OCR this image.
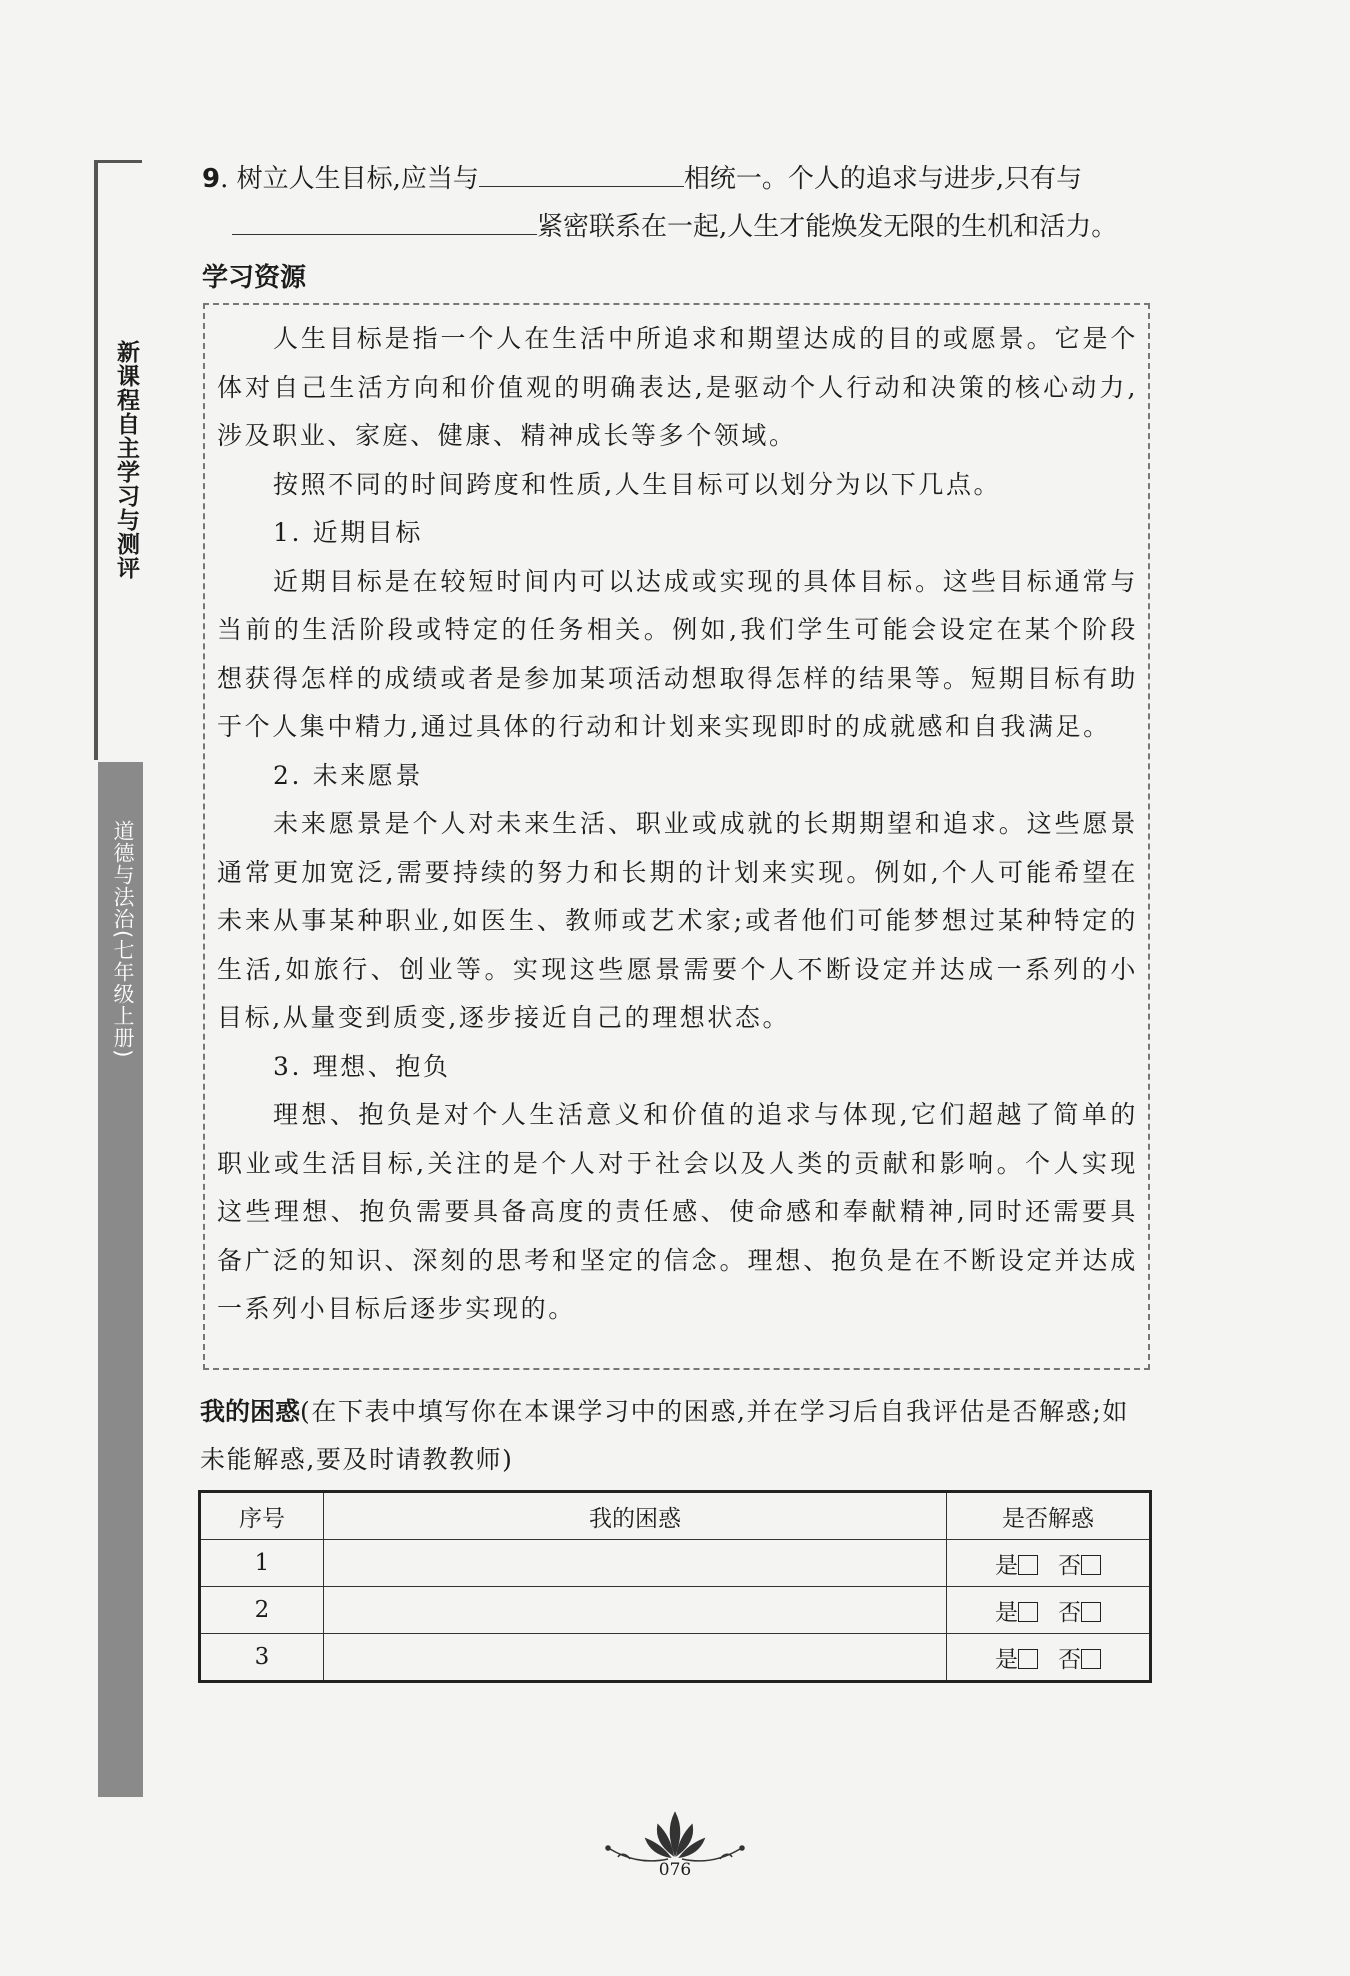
新课程自主学习与测评
道德与法治(七年级上册)
9. 树立人生目标,应当与	相统一。个人的追求与进步,只有与
紧密联系在一起,人生才能焕发无限的生机和活力。
学习资源

人生目标是指一个人在生活中所追求和期望达成的目的或愿景。它是个体对自己生活方向和价值观的明确表达,是驱动个人行动和决策的核心动力,涉及职业、家庭、健康、精神成长等多个领域。

按照不同的时间跨度和性质,人生目标可以划分为以下几点。

1. 近期目标

近期目标是在较短时间内可以达成或实现的具体目标。这些目标通常与当前的生活阶段或特定的任务相关。例如,我们学生可能会设定在某个阶段想获得怎样的成绩或者是参加某项活动想取得怎样的结果等。短期目标有助于个人集中精力,通过具体的行动和计划来实现即时的成就感和自我满足。

2. 未来愿景

未来愿景是个人对未来生活、职业或成就的长期期望和追求。这些愿景通常更加宽泛,需要持续的努力和长期的计划来实现。例如,个人可能希望在未来从事某种职业,如医生、教师或艺术家;或者他们可能梦想过某种特定的生活,如旅行、创业等。实现这些愿景需要个人不断设定并达成一系列的小目标,从量变到质变,逐步接近自己的理想状态。

3. 理想、抱负

理想、抱负是对个人生活意义和价值的追求与体现,它们超越了简单的职业或生活目标,关注的是个人对于社会以及人类的贡献和影响。个人实现这些理想、抱负需要具备高度的责任感、使命感和奉献精神,同时还需要具备广泛的知识、深刻的思考和坚定的信念。理想、抱负是在不断设定并达成一系列小目标后逐步实现的。

我的困惑(在下表中填写你在本课学习中的困惑,并在学习后自我评估是否解惑;如未能解惑,要及时请教教师)
序号	我的困惑	是否解惑
1		是 否
2		是 否
3		是 否
076
